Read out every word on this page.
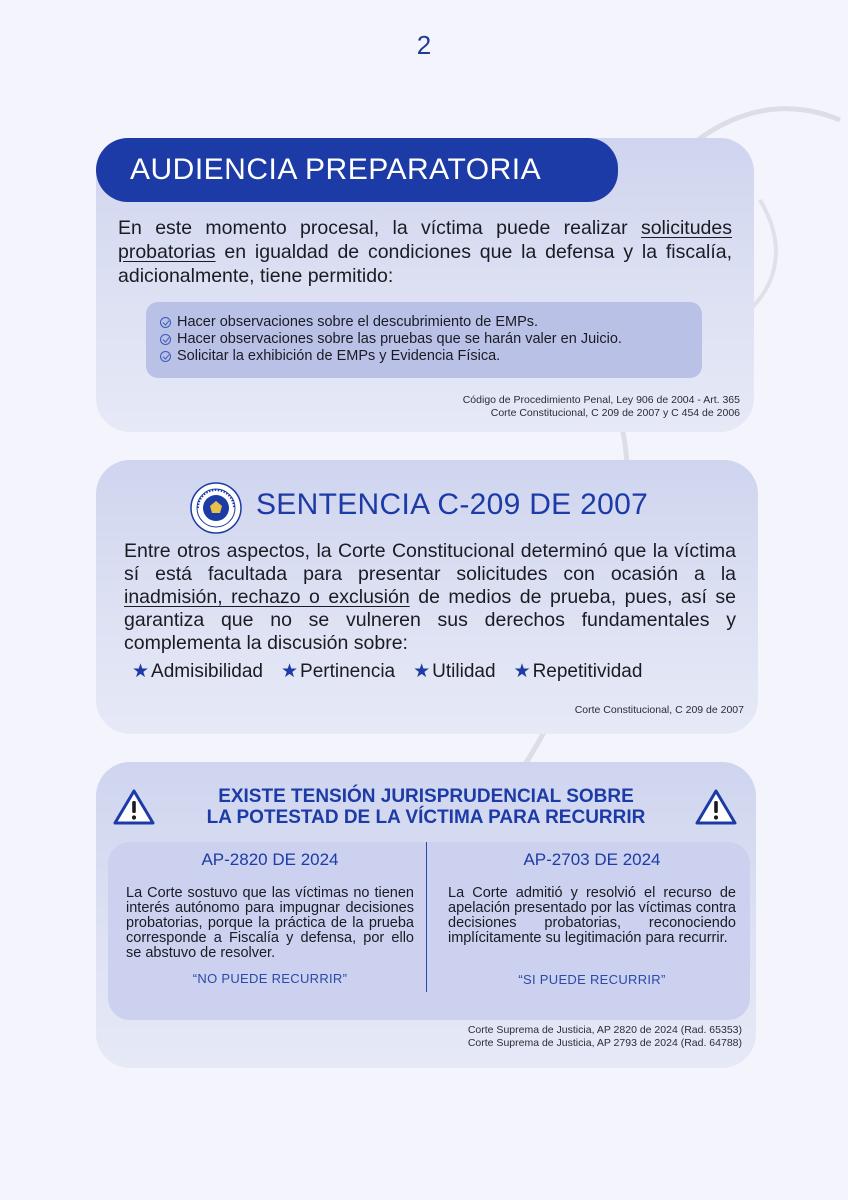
2
AUDIENCIA PREPARATORIA

En este momento procesal, la víctima puede realizar solicitudes probatorias en igualdad de condiciones que la defensa y la fiscalía, adicionalmente, tiene permitido:

Hacer observaciones sobre el descubrimiento de EMPs.
Hacer observaciones sobre las pruebas que se harán valer en Juicio.
Solicitar la exhibición de EMPs y Evidencia Física.
Código de Procedimiento Penal, Ley 906 de 2004 - Art. 365
Corte Constitucional, C 209 de 2007 y C 454 de 2006
SENTENCIA C-209 DE 2007

Entre otros aspectos, la Corte Constitucional determinó que la víctima sí está facultada para presentar solicitudes con ocasión a la inadmisión, rechazo o exclusión de medios de prueba, pues, así se garantiza que no se vulneren sus derechos fundamentales y complementa la discusión sobre:

★ Admisibilidad ★ Pertinencia ★ Utilidad ★ Repetitividad
Corte Constitucional, C 209 de 2007
EXISTE TENSIÓN JURISPRUDENCIAL SOBRE
LA POTESTAD DE LA VÍCTIMA PARA RECURRIR
AP-2820 DE 2024
La Corte sostuvo que las víctimas no tienen interés autónomo para impugnar decisiones probatorias, porque la práctica de la prueba corresponde a Fiscalía y defensa, por ello se abstuvo de resolver.
“NO PUEDE RECURRIR”
AP-2703 DE 2024
La Corte admitió y resolvió el recurso de apelación presentado por las víctimas contra decisiones probatorias, reconociendo implícitamente su legitimación para recurrir.
“SI PUEDE RECURRIR”
Corte Suprema de Justicia, AP 2820 de 2024 (Rad. 65353)
Corte Suprema de Justicia, AP 2793 de 2024 (Rad. 64788)
